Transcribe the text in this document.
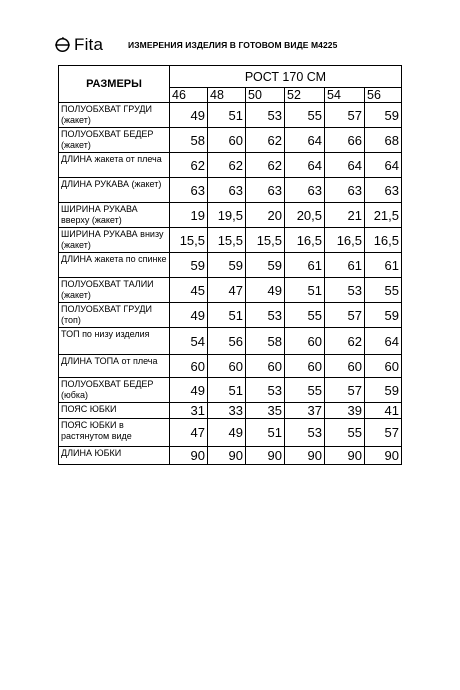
Fita	ИЗМЕРЕНИЯ ИЗДЕЛИЯ В ГОТОВОМ ВИДЕ М4225
РАЗМЕРЫ	РОСТ 170 СМ					
	46	48	50	52	54	56
ПОЛУОБХВАТ ГРУДИ (жакет)	49	51	53	55	57	59
ПОЛУОБХВАТ БЕДЕР (жакет)	58	60	62	64	66	68
ДЛИНА жакета от плеча	62	62	62	64	64	64
ДЛИНА РУКАВА (жакет)	63	63	63	63	63	63
ШИРИНА РУКАВА вверху (жакет)	19	19,5	20	20,5	21	21,5
ШИРИНА РУКАВА внизу (жакет)	15,5	15,5	15,5	16,5	16,5	16,5
ДЛИНА жакета по спинке	59	59	59	61	61	61
ПОЛУОБХВАТ ТАЛИИ (жакет)	45	47	49	51	53	55
ПОЛУОБХВАТ ГРУДИ (топ)	49	51	53	55	57	59
ТОП по низу изделия	54	56	58	60	62	64
ДЛИНА ТОПА от плеча	60	60	60	60	60	60
ПОЛУОБХВАТ БЕДЕР (юбка)	49	51	53	55	57	59
ПОЯС ЮБКИ	31	33	35	37	39	41
ПОЯС ЮБКИ в растянутом виде	47	49	51	53	55	57
ДЛИНА ЮБКИ	90	90	90	90	90	90
